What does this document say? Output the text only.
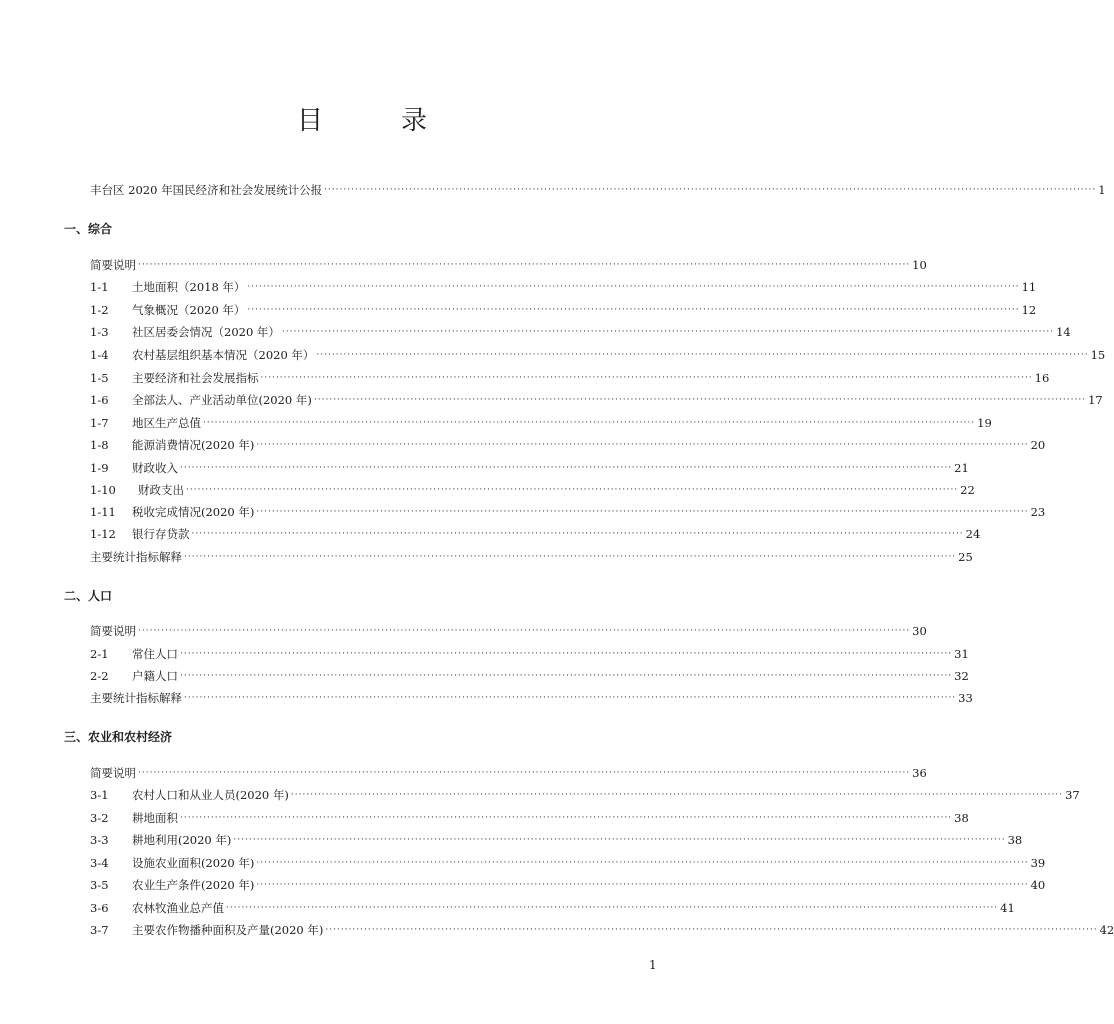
目　录
丰台区 2020 年国民经济和社会发展统计公报 ········································································································································································································ 1
一、综合
简要说明 ········································································································································································································ 10
1-1	土地面积（2018 年） ········································································································································································································ 11
1-2	气象概况（2020 年） ········································································································································································································ 12
1-3	社区居委会情况（2020 年） ········································································································································································································ 14
1-4	农村基层组织基本情况（2020 年） ········································································································································································································ 15
1-5	主要经济和社会发展指标 ········································································································································································································ 16
1-6	全部法人、产业活动单位(2020 年) ········································································································································································································ 17
1-7	地区生产总值 ········································································································································································································ 19
1-8	能源消费情况(2020 年) ········································································································································································································ 20
1-9	财政收入 ········································································································································································································ 21
1-10	财政支出 ········································································································································································································ 22
1-11	税收完成情况(2020 年) ········································································································································································································ 23
1-12	银行存贷款 ········································································································································································································ 24
主要统计指标解释 ········································································································································································································ 25
二、人口
简要说明 ········································································································································································································ 30
2-1	常住人口 ········································································································································································································ 31
2-2	户籍人口 ········································································································································································································ 32
主要统计指标解释 ········································································································································································································ 33
三、农业和农村经济
简要说明 ········································································································································································································ 36
3-1	农村人口和从业人员(2020 年) ········································································································································································································ 37
3-2	耕地面积 ········································································································································································································ 38
3-3	耕地利用(2020 年) ········································································································································································································ 38
3-4	设施农业面积(2020 年) ········································································································································································································ 39
3-5	农业生产条件(2020 年) ········································································································································································································ 40
3-6	农林牧渔业总产值 ········································································································································································································ 41
3-7	主要农作物播种面积及产量(2020 年) ········································································································································································································ 42
1
